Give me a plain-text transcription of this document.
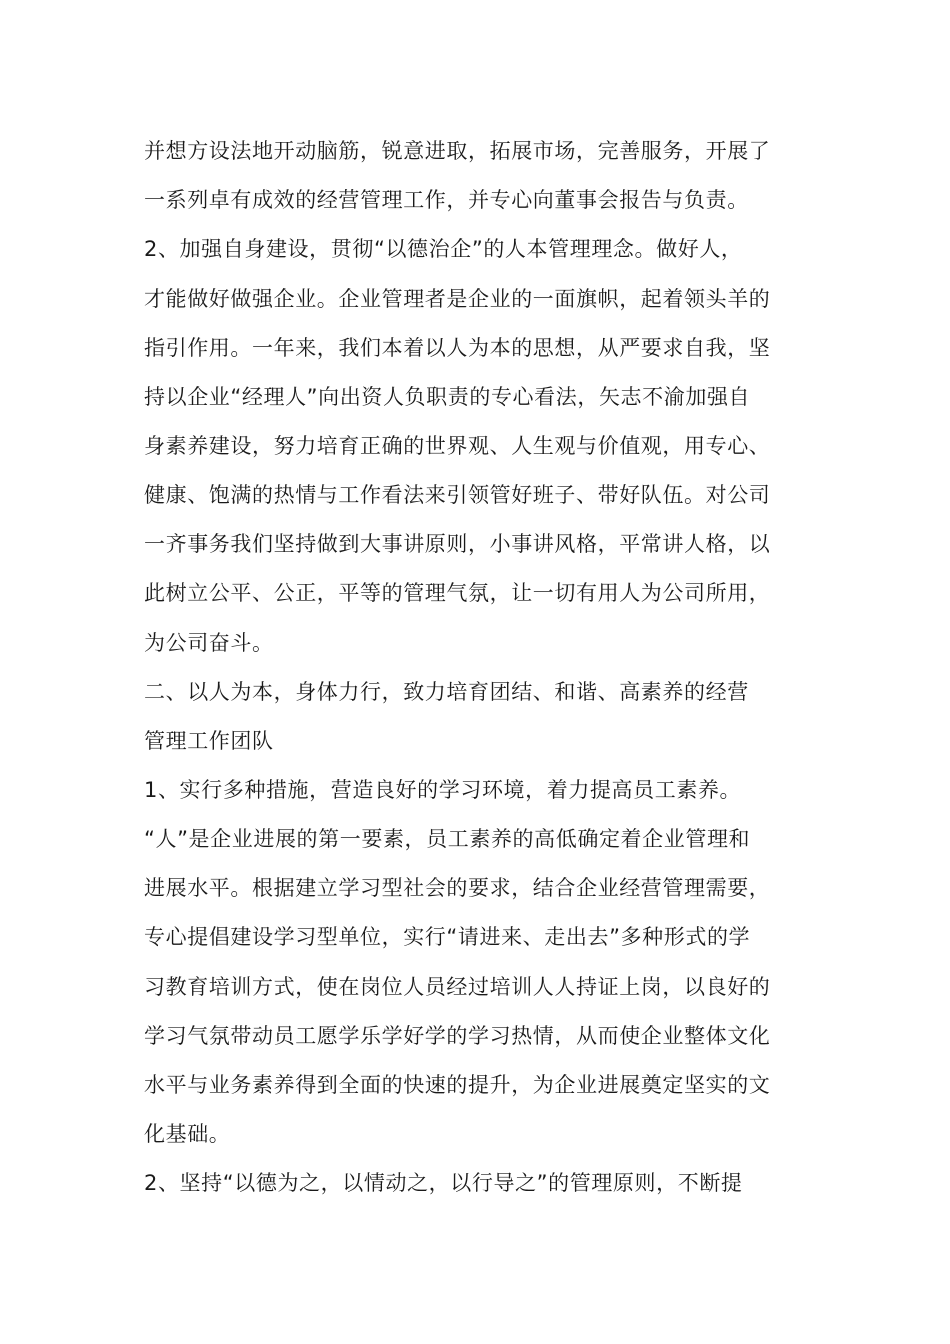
并想方设法地开动脑筋，锐意进取，拓展市场，完善服务，开展了
一系列卓有成效的经营管理工作，并专心向董事会报告与负责。
2、加强自身建设，贯彻“以德治企”的人本管理理念。做好人，
才能做好做强企业。企业管理者是企业的一面旗帜，起着领头羊的
指引作用。一年来，我们本着以人为本的思想，从严要求自我，坚
持以企业“经理人”向出资人负职责的专心看法，矢志不渝加强自
身素养建设，努力培育正确的世界观、人生观与价值观，用专心、
健康、饱满的热情与工作看法来引领管好班子、带好队伍。对公司
一齐事务我们坚持做到大事讲原则，小事讲风格，平常讲人格，以
此树立公平、公正，平等的管理气氛，让一切有用人为公司所用，
为公司奋斗。
二、以人为本，身体力行，致力培育团结、和谐、高素养的经营
管理工作团队
1、实行多种措施，营造良好的学习环境，着力提高员工素养。
“人”是企业进展的第一要素，员工素养的高低确定着企业管理和
进展水平。根据建立学习型社会的要求，结合企业经营管理需要，
专心提倡建设学习型单位，实行“请进来、走出去”多种形式的学
习教育培训方式，使在岗位人员经过培训人人持证上岗，以良好的
学习气氛带动员工愿学乐学好学的学习热情，从而使企业整体文化
水平与业务素养得到全面的快速的提升，为企业进展奠定坚实的文
化基础。
2、坚持“以德为之，以情动之，以行导之”的管理原则，不断提
